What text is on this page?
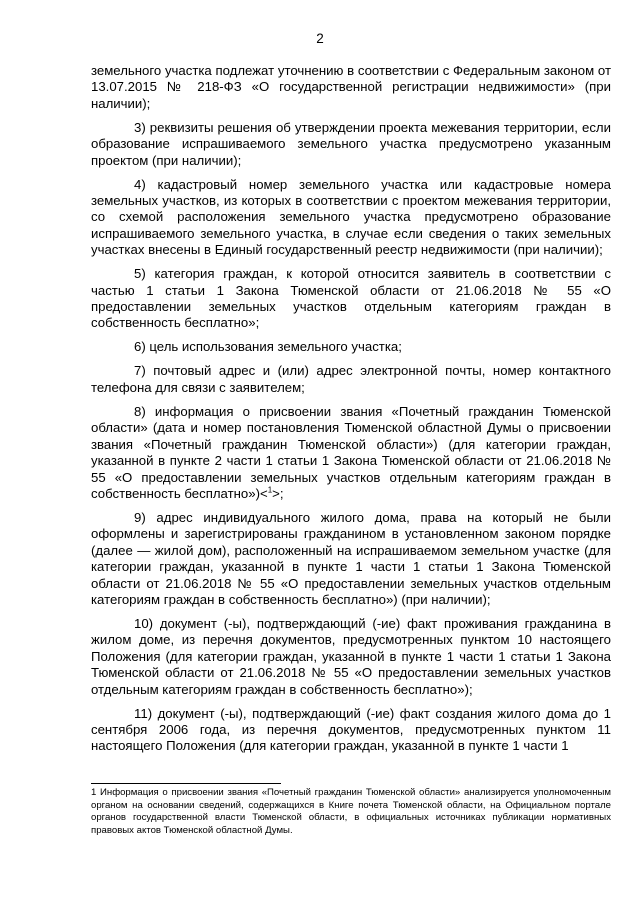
2

земельного участка подлежат уточнению в соответствии с Федеральным законом от 13.07.2015 № 218-ФЗ «О государственной регистрации недвижимости» (при наличии);

3) реквизиты решения об утверждении проекта межевания территории, если образование испрашиваемого земельного участка предусмотрено указанным проектом (при наличии);

4) кадастровый номер земельного участка или кадастровые номера земельных участков, из которых в соответствии с проектом межевания территории, со схемой расположения земельного участка предусмотрено образование испрашиваемого земельного участка, в случае если сведения о таких земельных участках внесены в Единый государственный реестр недвижимости (при наличии);

5) категория граждан, к которой относится заявитель в соответствии с частью 1 статьи 1 Закона Тюменской области от 21.06.2018 № 55 «О предоставлении земельных участков отдельным категориям граждан в собственность бесплатно»;

6) цель использования земельного участка;

7) почтовый адрес и (или) адрес электронной почты, номер контактного телефона для связи с заявителем;

8) информация о присвоении звания «Почетный гражданин Тюменской области» (дата и номер постановления Тюменской областной Думы о присвоении звания «Почетный гражданин Тюменской области») (для категории граждан, указанной в пункте 2 части 1 статьи 1 Закона Тюменской области от 21.06.2018 № 55 «О предоставлении земельных участков отдельным категориям граждан в собственность бесплатно»)<$^1$>;

9) адрес индивидуального жилого дома, права на который не были оформлены и зарегистрированы гражданином в установленном законом порядке (далее — жилой дом), расположенный на испрашиваемом земельном участке (для категории граждан, указанной в пункте 1 части 1 статьи 1 Закона Тюменской области от 21.06.2018 № 55 «О предоставлении земельных участков отдельным категориям граждан в собственность бесплатно») (при наличии);

10) документ (-ы), подтверждающий (-ие) факт проживания гражданина в жилом доме, из перечня документов, предусмотренных пунктом 10 настоящего Положения (для категории граждан, указанной в пункте 1 части 1 статьи 1 Закона Тюменской области от 21.06.2018 № 55 «О предоставлении земельных участков отдельным категориям граждан в собственность бесплатно»);

11) документ (-ы), подтверждающий (-ие) факт создания жилого дома до 1 сентября 2006 года, из перечня документов, предусмотренных пунктом 11 настоящего Положения (для категории граждан, указанной в пункте 1 части 1

1 Информация о присвоении звания «Почетный гражданин Тюменской области» анализируется уполномоченным органом на основании сведений, содержащихся в Книге почета Тюменской области, на Официальном портале органов государственной власти Тюменской области, в официальных источниках публикации нормативных правовых актов Тюменской областной Думы.
